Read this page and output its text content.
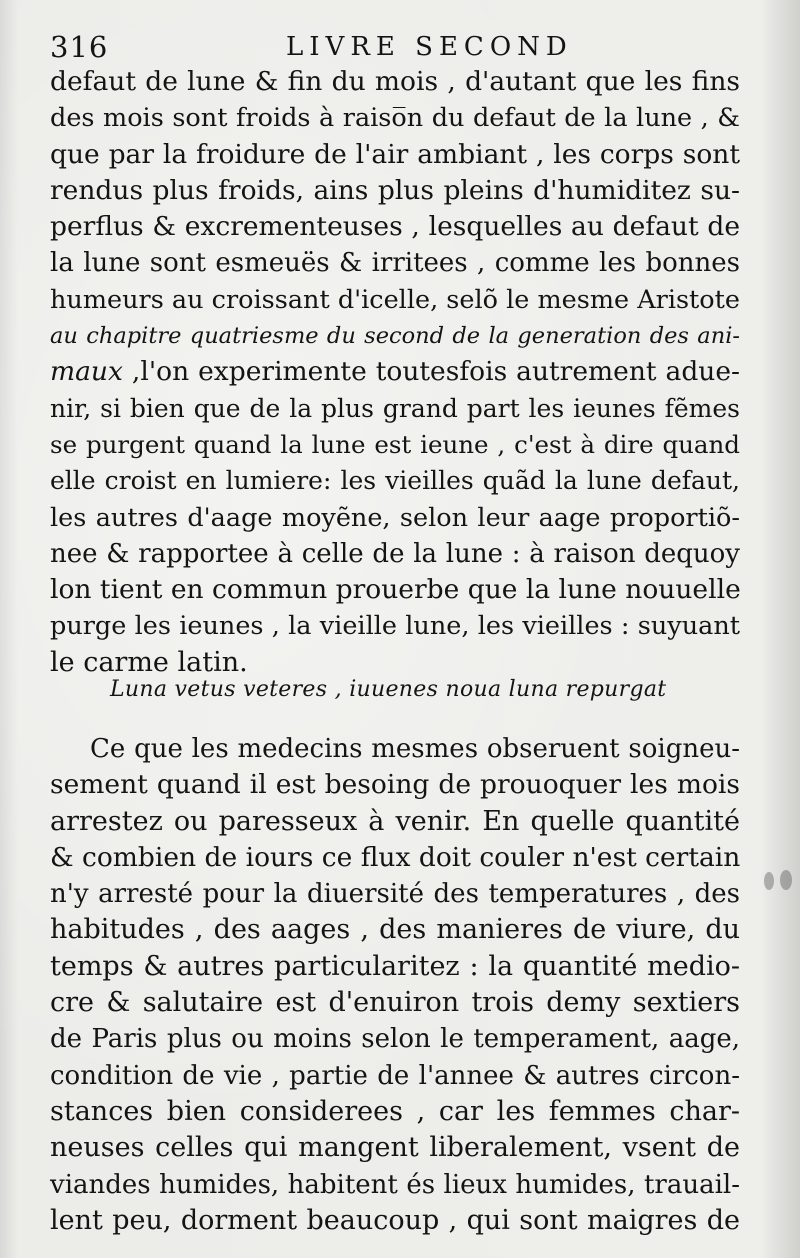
316	LIVRE SECOND
defaut de lune & fin du mois , d'autant que les fins
des mois sont froids à raiso̅n du defaut de la lune , &
que par la froidure de l'air ambiant , les corps sont
rendus plus froids, ains plus pleins d'humiditez su-
perflus & excrementeuses , lesquelles au defaut de
la lune sont esmeuës & irritees , comme les bonnes
humeurs au croissant d'icelle, selõ le mesme Aristote
au chapitre quatriesme du second de la generation des ani-
maux ,l'on experimente toutesfois autrement adue-
nir, si bien que de la plus grand part les ieunes fẽmes
se purgent quand la lune est ieune , c'est à dire quand
elle croist en lumiere: les vieilles quãd la lune defaut,
les autres d'aage moyẽne, selon leur aage proportiõ-
nee & rapportee à celle de la lune : à raison dequoy
lon tient en commun prouerbe que la lune nouuelle
purge les ieunes , la vieille lune, les vieilles : suyuant
le carme latin.
Luna vetus veteres , iuuenes noua luna repurgat
Ce que les medecins mesmes obseruent soigneu-
sement quand il est besoing de prouoquer les mois
arrestez ou paresseux à venir. En quelle quantité
& combien de iours ce flux doit couler n'est certain
n'y arresté pour la diuersité des temperatures , des
habitudes , des aages , des manieres de viure, du
temps & autres particularitez : la quantité medio-
cre & salutaire est d'enuiron trois demy sextiers
de Paris plus ou moins selon le temperament, aage,
condition de vie , partie de l'annee & autres circon-
stances bien considerees , car les femmes char-
neuses celles qui mangent liberalement, vsent de
viandes humides, habitent és lieux humides, trauail-
lent peu, dorment beaucoup , qui sont maigres de
